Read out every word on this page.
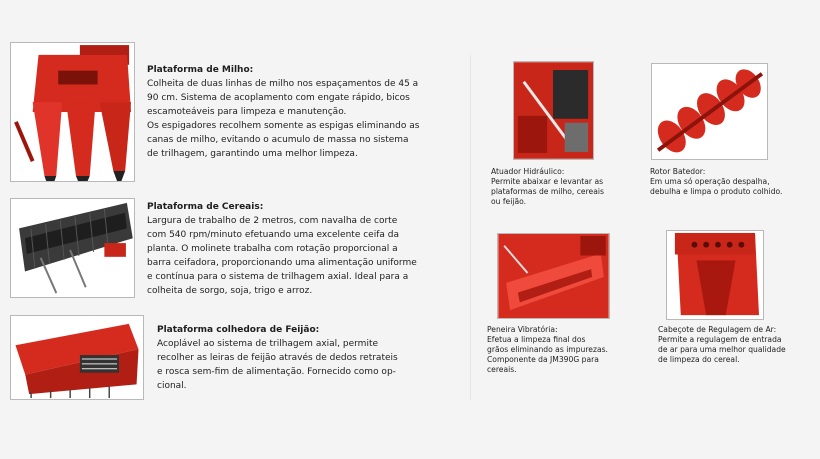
Plataforma de Milho:
Colheita de duas linhas de milho nos espaçamentos de 45 a
90 cm. Sistema de acoplamento com engate rápido, bicos
escamoteáveis para limpeza e manutenção.
Os espigadores recolhem somente as espigas eliminando as
canas de milho, evitando o acumulo de massa no sistema
de trilhagem, garantindo uma melhor limpeza.
Plataforma de Cereais:
Largura de trabalho de 2 metros, com navalha de corte
com 540 rpm/minuto efetuando uma excelente ceifa da
planta. O molinete trabalha com rotação proporcional a
barra ceifadora, proporcionando uma alimentação uniforme
e contínua para o sistema de trilhagem axial. Ideal para a
colheita de sorgo, soja, trigo e arroz.
Plataforma colhedora de Feijão:
Acoplável ao sistema de trilhagem axial, permite
recolher as leiras de feijão através de dedos retrateis
e rosca sem-fim de alimentação. Fornecido como op-
cional.
Atuador Hidráulico:
Permite abaixar e levantar as
plataformas de milho, cereais
ou feijão.
Rotor Batedor:
Em uma só operação despalha,
debulha e limpa o produto colhido.
Peneira Vibratória:
Efetua a limpeza final dos
grãos eliminando as impurezas.
Componente da JM390G para
cereais.
Cabeçote de Regulagem de Ar:
Permite a regulagem de entrada
de ar para uma melhor qualidade
de limpeza do cereal.
